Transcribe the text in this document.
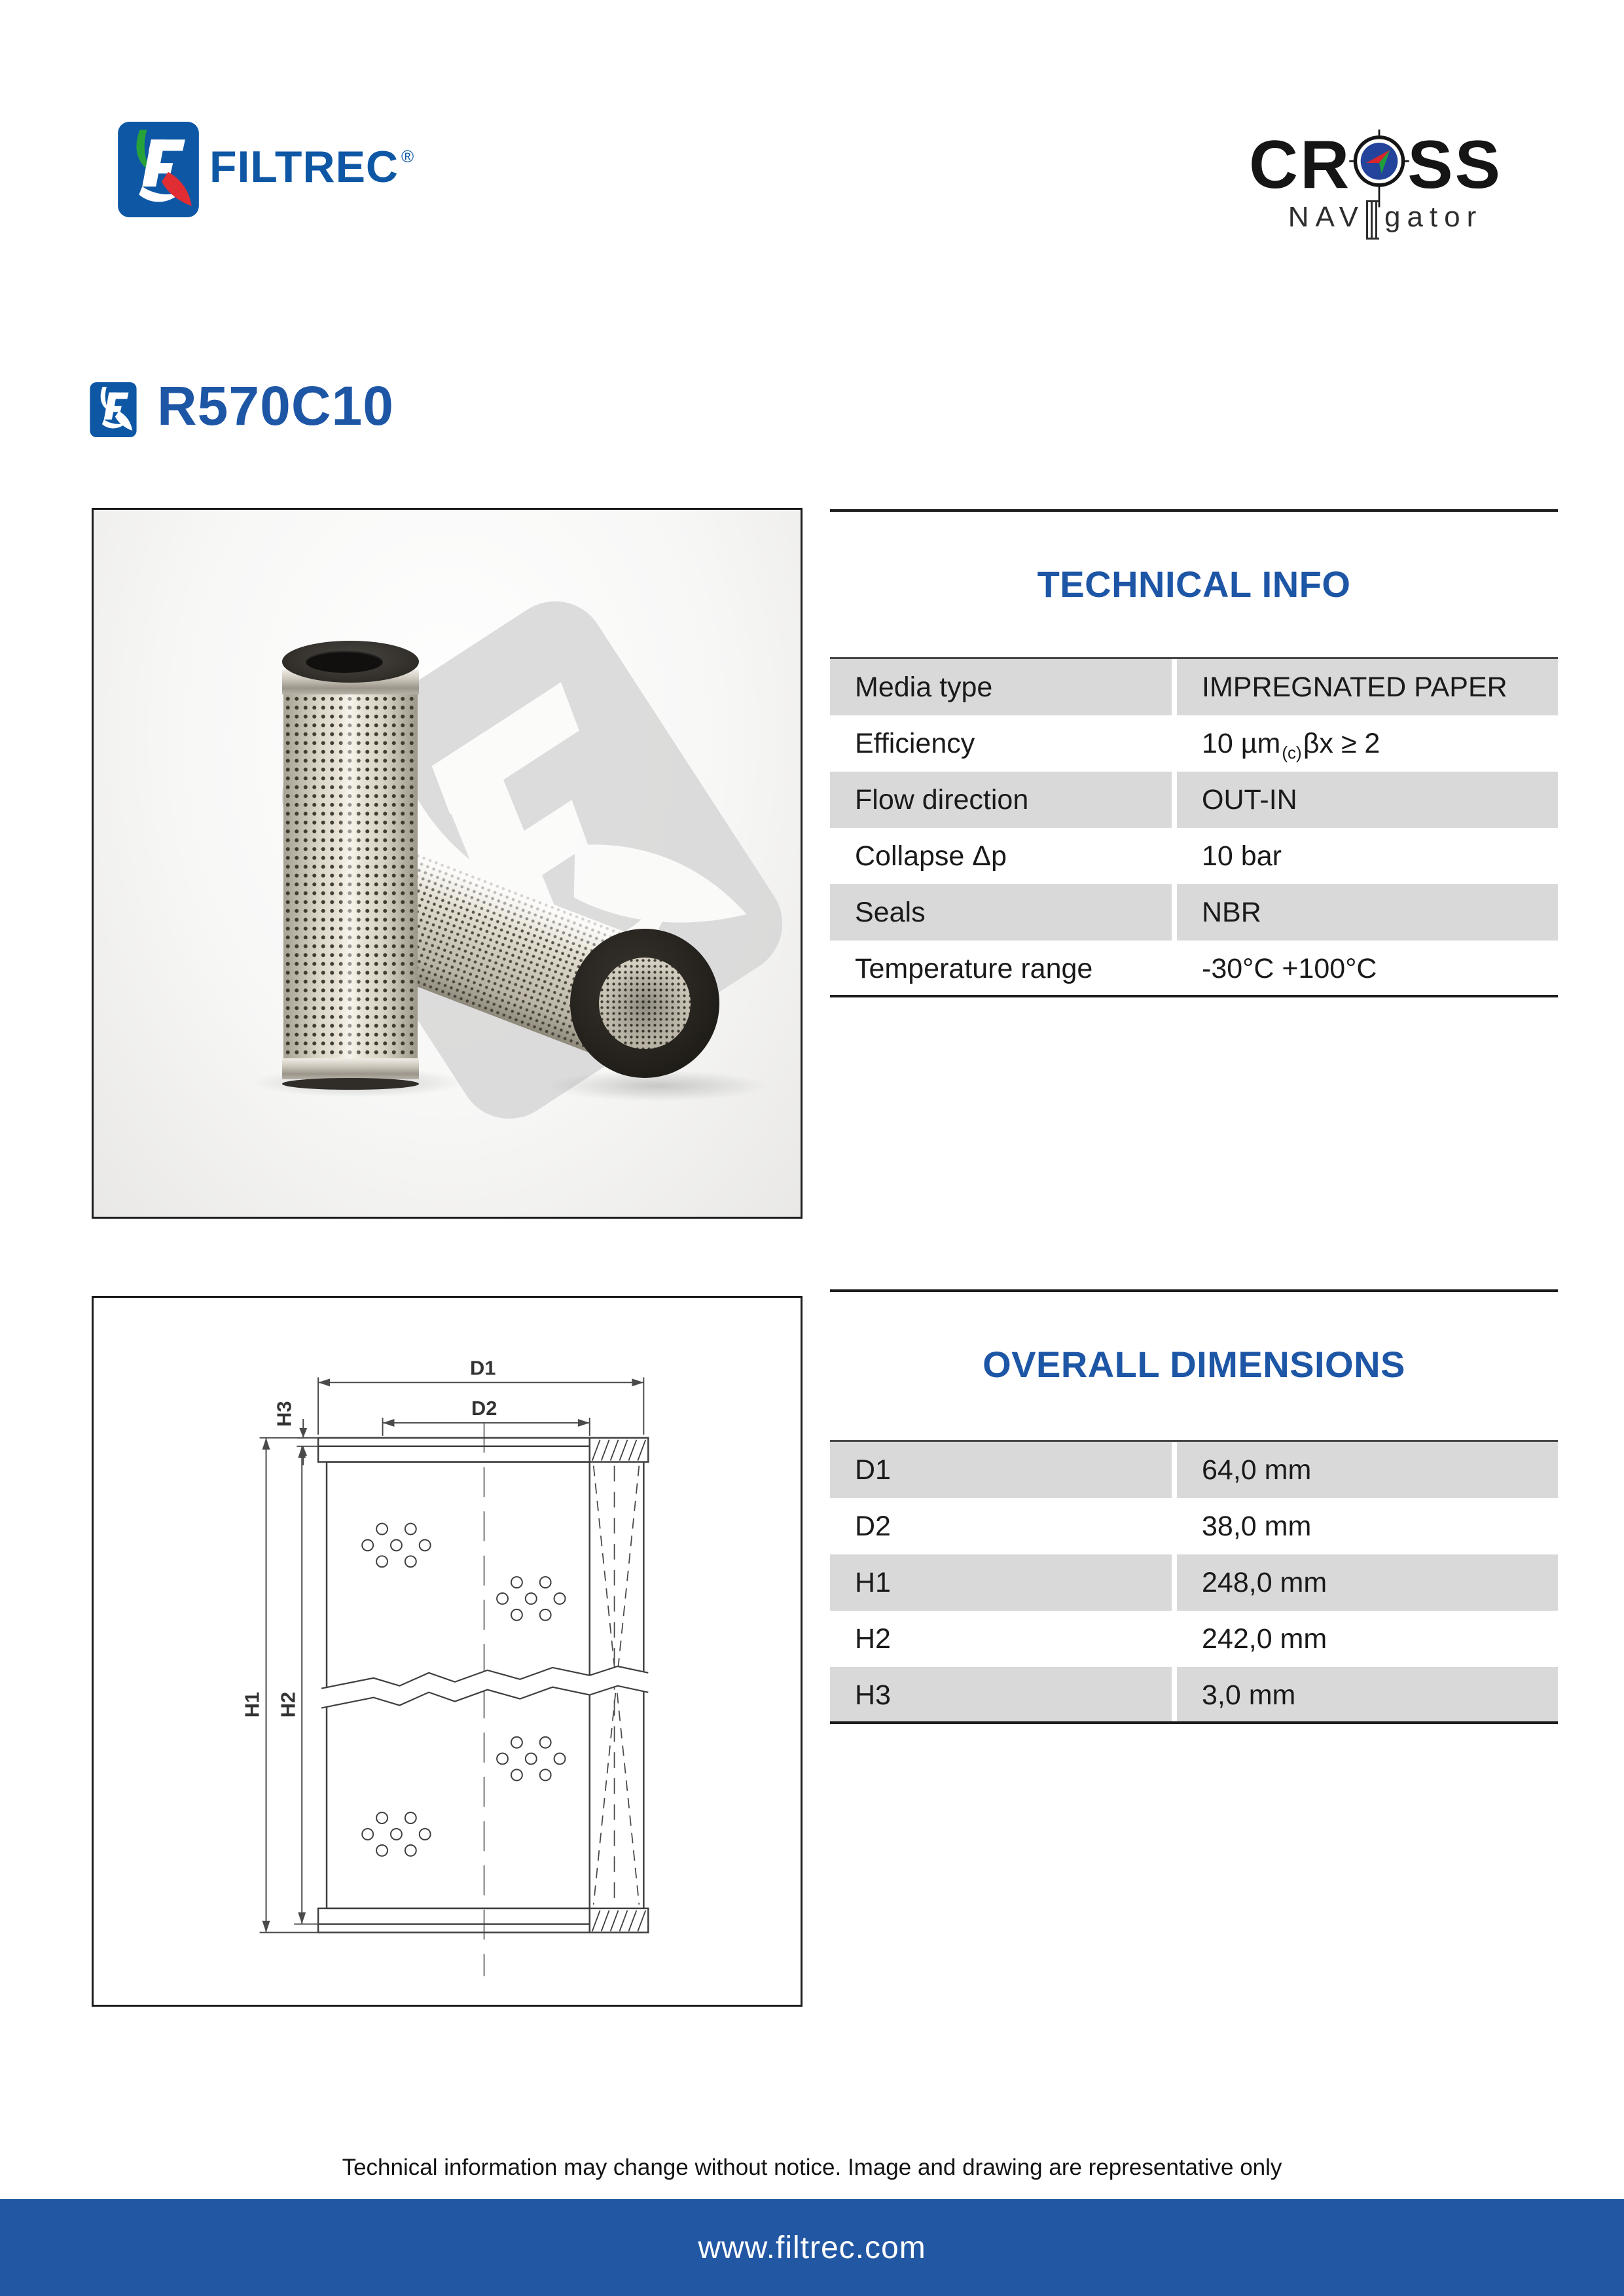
FILTREC ®	CR SS
NAV gator
R570C10
TECHNICAL INFO
Media type	IMPREGNATED PAPER
Efficiency	10 µm (c) βx ≥ 2
Flow direction	OUT-IN
Collapse Δp	10 bar
Seals	NBR
Temperature range	-30°C +100°C
D1
D2
H3
H1 H2
OVERALL DIMENSIONS
D1	64,0 mm
D2	38,0 mm
H1	248,0 mm
H2	242,0 mm
H3	3,0 mm
Technical information may change without notice. Image and drawing are representative only
www.filtrec.com
